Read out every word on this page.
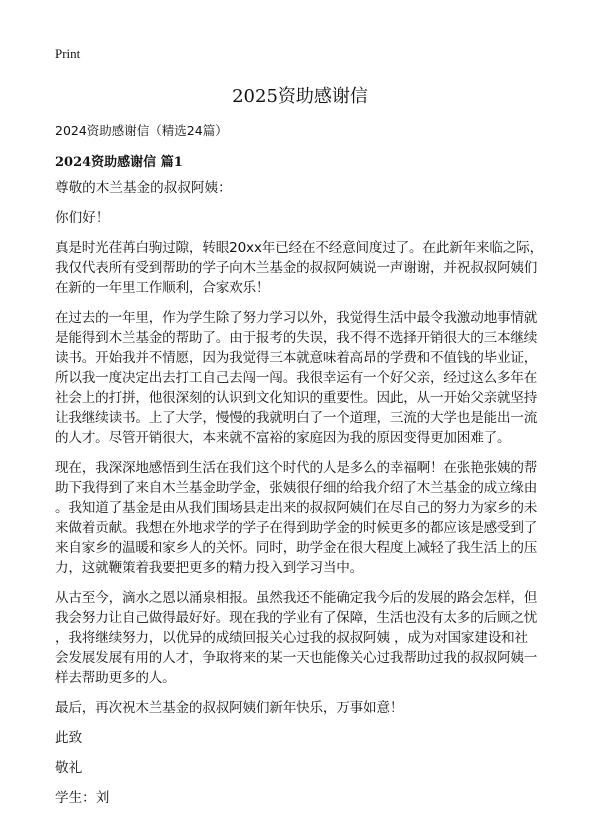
Print
2025资助感谢信
2024资助感谢信（精选24篇）
2024资助感谢信 篇1
尊敬的木兰基金的叔叔阿姨：
你们好！
真是时光荏苒白驹过隙，转眼20xx年已经在不经意间度过了。在此新年来临之际，
我仅代表所有受到帮助的学子向木兰基金的叔叔阿姨说一声谢谢，并祝叔叔阿姨们
在新的一年里工作顺利，合家欢乐！
在过去的一年里，作为学生除了努力学习以外，我觉得生活中最令我激动地事情就
是能得到木兰基金的帮助了。由于报考的失误，我不得不选择开销很大的三本继续
读书。开始我并不情愿，因为我觉得三本就意味着高昂的学费和不值钱的毕业证，
所以我一度决定出去打工自己去闯一闯。我很幸运有一个好父亲，经过这么多年在
社会上的打拼，他很深刻的认识到文化知识的重要性。因此，从一开始父亲就坚持
让我继续读书。上了大学，慢慢的我就明白了一个道理，三流的大学也是能出一流
的人才。尽管开销很大，本来就不富裕的家庭因为我的原因变得更加困难了。
现在，我深深地感悟到生活在我们这个时代的人是多么的幸福啊！在张艳张姨的帮
助下我得到了来自木兰基金助学金，张姨很仔细的给我介绍了木兰基金的成立缘由
。我知道了基金是由从我们围场县走出来的叔叔阿姨们在尽自己的努力为家乡的未
来做着贡献。我想在外地求学的学子在得到助学金的时候更多的都应该是感受到了
来自家乡的温暖和家乡人的关怀。同时，助学金在很大程度上减轻了我生活上的压
力，这就鞭策着我要把更多的精力投入到学习当中。
从古至今，滴水之恩以涌泉相报。虽然我还不能确定我今后的发展的路会怎样，但
我会努力让自己做得最好好。现在我的学业有了保障，生活也没有太多的后顾之忧
，我将继续努力，以优异的成绩回报关心过我的叔叔阿姨 ，成为对国家建设和社
会发展发展有用的人才，争取将来的某一天也能像关心过我帮助过我的叔叔阿姨一
样去帮助更多的人。
最后，再次祝木兰基金的叔叔阿姨们新年快乐，万事如意！
此致
敬礼
学生：刘
